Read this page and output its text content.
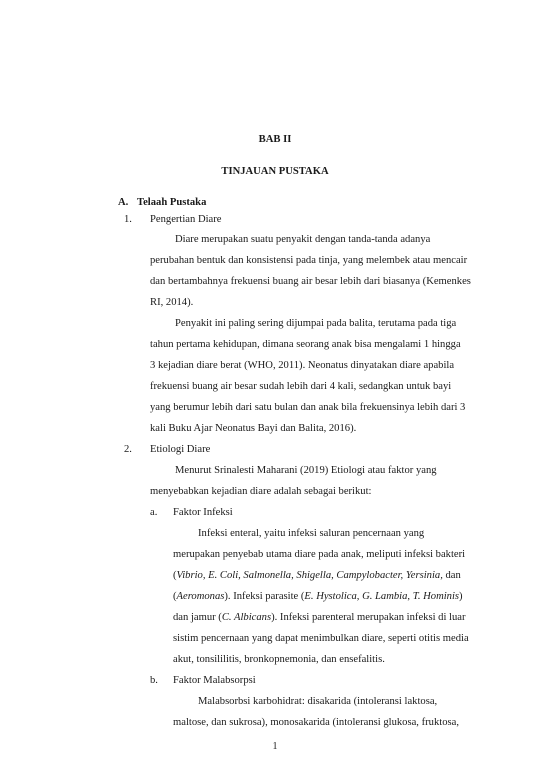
BAB II
TINJAUAN PUSTAKA
A. Telaah Pustaka
1. Pengertian Diare
Diare merupakan suatu penyakit dengan tanda-tanda adanya
perubahan bentuk dan konsistensi pada tinja, yang melembek atau mencair
dan bertambahnya frekuensi buang air besar lebih dari biasanya (Kemenkes
RI, 2014).
Penyakit ini paling sering dijumpai pada balita, terutama pada tiga
tahun pertama kehidupan, dimana seorang anak bisa mengalami 1 hingga
3 kejadian diare berat (WHO, 2011). Neonatus dinyatakan diare apabila
frekuensi buang air besar sudah lebih dari 4 kali, sedangkan untuk bayi
yang berumur lebih dari satu bulan dan anak bila frekuensinya lebih dari 3
kali Buku Ajar Neonatus Bayi dan Balita, 2016).
2. Etiologi Diare
Menurut Srinalesti Maharani (2019) Etiologi atau faktor yang
menyebabkan kejadian diare adalah sebagai berikut:
a. Faktor Infeksi
Infeksi enteral, yaitu infeksi saluran pencernaan yang
merupakan penyebab utama diare pada anak, meliputi infeksi bakteri
(Vibrio, E. Coli, Salmonella, Shigella, Campylobacter, Yersinia, dan
(Aeromonas). Infeksi parasite (E. Hystolica, G. Lambia, T. Hominis)
dan jamur (C. Albicans). Infeksi parenteral merupakan infeksi di luar
sistim pencernaan yang dapat menimbulkan diare, seperti otitis media
akut, tonsililitis, bronkopnemonia, dan ensefalitis.
b. Faktor Malabsorpsi
Malabsorbsi karbohidrat: disakarida (intoleransi laktosa,
maltose, dan sukrosa), monosakarida (intoleransi glukosa, fruktosa,
1
